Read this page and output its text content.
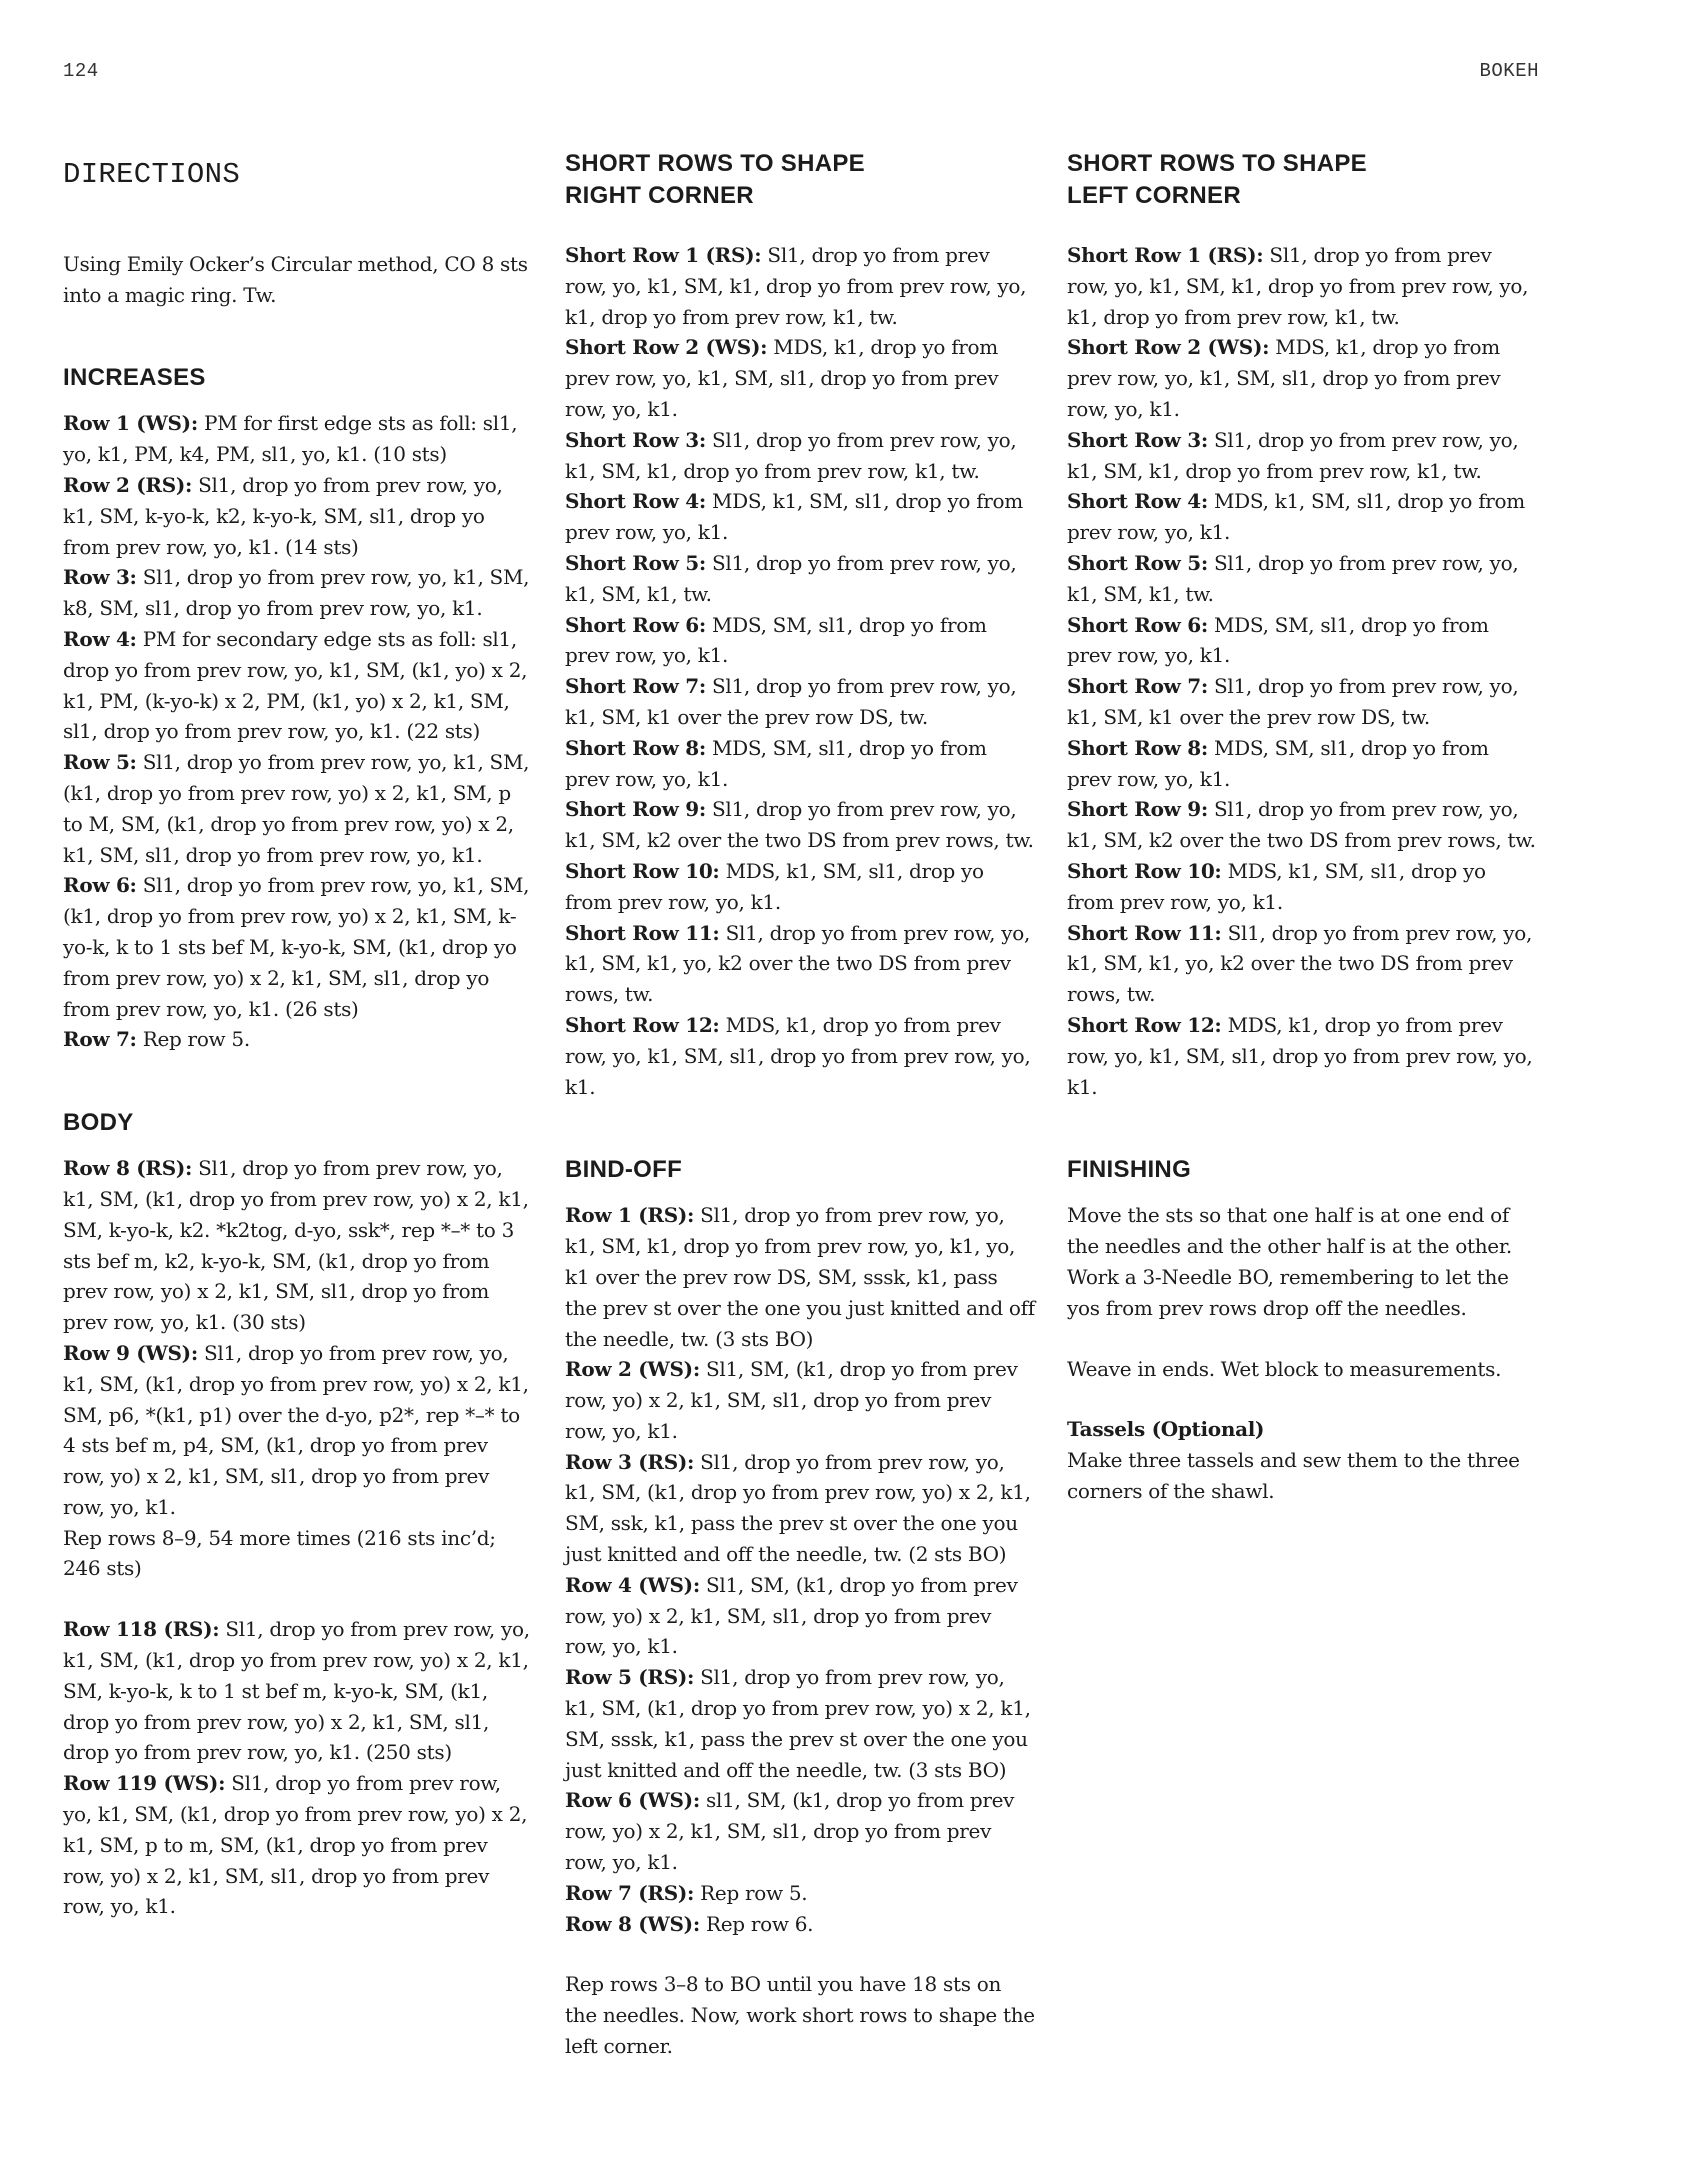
124	BOKEH
DIRECTIONS

Using Emily Ocker’s Circular method, CO 8 sts into a magic ring. Tw.

INCREASES

Row 1 (WS): PM for first edge sts as foll: sl1, yo, k1, PM, k4, PM, sl1, yo, k1. (10 sts)

Row 2 (RS): Sl1, drop yo from prev row, yo, k1, SM, k-yo-k, k2, k-yo-k, SM, sl1, drop yo from prev row, yo, k1. (14 sts)

Row 3: Sl1, drop yo from prev row, yo, k1, SM, k8, SM, sl1, drop yo from prev row, yo, k1.

Row 4: PM for secondary edge sts as foll: sl1, drop yo from prev row, yo, k1, SM, (k1, yo) x 2, k1, PM, (k-yo-k) x 2, PM, (k1, yo) x 2, k1, SM, sl1, drop yo from prev row, yo, k1. (22 sts)

Row 5: Sl1, drop yo from prev row, yo, k1, SM, (k1, drop yo from prev row, yo) x 2, k1, SM, p to M, SM, (k1, drop yo from prev row, yo) x 2, k1, SM, sl1, drop yo from prev row, yo, k1.

Row 6: Sl1, drop yo from prev row, yo, k1, SM, (k1, drop yo from prev row, yo) x 2, k1, SM, k-yo-k, k to 1 sts bef M, k-yo-k, SM, (k1, drop yo from prev row, yo) x 2, k1, SM, sl1, drop yo from prev row, yo, k1. (26 sts)

Row 7: Rep row 5.

BODY

Row 8 (RS): Sl1, drop yo from prev row, yo, k1, SM, (k1, drop yo from prev row, yo) x 2, k1, SM, k-yo-k, k2. *k2tog, d-yo, ssk*, rep *–* to 3 sts bef m, k2, k-yo-k, SM, (k1, drop yo from prev row, yo) x 2, k1, SM, sl1, drop yo from prev row, yo, k1. (30 sts)

Row 9 (WS): Sl1, drop yo from prev row, yo, k1, SM, (k1, drop yo from prev row, yo) x 2, k1, SM, p6, *(k1, p1) over the d-yo, p2*, rep *–* to 4 sts bef m, p4, SM, (k1, drop yo from prev row, yo) x 2, k1, SM, sl1, drop yo from prev row, yo, k1.

Rep rows 8–9, 54 more times (216 sts inc’d; 246 sts)

Row 118 (RS): Sl1, drop yo from prev row, yo, k1, SM, (k1, drop yo from prev row, yo) x 2, k1, SM, k-yo-k, k to 1 st bef m, k-yo-k, SM, (k1, drop yo from prev row, yo) x 2, k1, SM, sl1, drop yo from prev row, yo, k1. (250 sts)

Row 119 (WS): Sl1, drop yo from prev row, yo, k1, SM, (k1, drop yo from prev row, yo) x 2, k1, SM, p to m, SM, (k1, drop yo from prev row, yo) x 2, k1, SM, sl1, drop yo from prev row, yo, k1.

SHORT ROWS TO SHAPE
RIGHT CORNER

Short Row 1 (RS): Sl1, drop yo from prev row, yo, k1, SM, k1, drop yo from prev row, yo, k1, drop yo from prev row, k1, tw.

Short Row 2 (WS): MDS, k1, drop yo from prev row, yo, k1, SM, sl1, drop yo from prev row, yo, k1.

Short Row 3: Sl1, drop yo from prev row, yo, k1, SM, k1, drop yo from prev row, k1, tw.

Short Row 4: MDS, k1, SM, sl1, drop yo from prev row, yo, k1.

Short Row 5: Sl1, drop yo from prev row, yo, k1, SM, k1, tw.

Short Row 6: MDS, SM, sl1, drop yo from prev row, yo, k1.

Short Row 7: Sl1, drop yo from prev row, yo, k1, SM, k1 over the prev row DS, tw.

Short Row 8: MDS, SM, sl1, drop yo from prev row, yo, k1.

Short Row 9: Sl1, drop yo from prev row, yo, k1, SM, k2 over the two DS from prev rows, tw.

Short Row 10: MDS, k1, SM, sl1, drop yo from prev row, yo, k1.

Short Row 11: Sl1, drop yo from prev row, yo, k1, SM, k1, yo, k2 over the two DS from prev rows, tw.

Short Row 12: MDS, k1, drop yo from prev row, yo, k1, SM, sl1, drop yo from prev row, yo, k1.

BIND-OFF

Row 1 (RS): Sl1, drop yo from prev row, yo, k1, SM, k1, drop yo from prev row, yo, k1, yo, k1 over the prev row DS, SM, sssk, k1, pass the prev st over the one you just knitted and off the needle, tw. (3 sts BO)

Row 2 (WS): Sl1, SM, (k1, drop yo from prev row, yo) x 2, k1, SM, sl1, drop yo from prev row, yo, k1.

Row 3 (RS): Sl1, drop yo from prev row, yo, k1, SM, (k1, drop yo from prev row, yo) x 2, k1, SM, ssk, k1, pass the prev st over the one you just knitted and off the needle, tw. (2 sts BO)

Row 4 (WS): Sl1, SM, (k1, drop yo from prev row, yo) x 2, k1, SM, sl1, drop yo from prev row, yo, k1.

Row 5 (RS): Sl1, drop yo from prev row, yo, k1, SM, (k1, drop yo from prev row, yo) x 2, k1, SM, sssk, k1, pass the prev st over the one you just knitted and off the needle, tw. (3 sts BO)

Row 6 (WS): sl1, SM, (k1, drop yo from prev row, yo) x 2, k1, SM, sl1, drop yo from prev row, yo, k1.

Row 7 (RS): Rep row 5.

Row 8 (WS): Rep row 6.

Rep rows 3–8 to BO until you have 18 sts on the needles. Now, work short rows to shape the left corner.

SHORT ROWS TO SHAPE
LEFT CORNER

Short Row 1 (RS): Sl1, drop yo from prev row, yo, k1, SM, k1, drop yo from prev row, yo, k1, drop yo from prev row, k1, tw.

Short Row 2 (WS): MDS, k1, drop yo from prev row, yo, k1, SM, sl1, drop yo from prev row, yo, k1.

Short Row 3: Sl1, drop yo from prev row, yo, k1, SM, k1, drop yo from prev row, k1, tw.

Short Row 4: MDS, k1, SM, sl1, drop yo from prev row, yo, k1.

Short Row 5: Sl1, drop yo from prev row, yo, k1, SM, k1, tw.

Short Row 6: MDS, SM, sl1, drop yo from prev row, yo, k1.

Short Row 7: Sl1, drop yo from prev row, yo, k1, SM, k1 over the prev row DS, tw.

Short Row 8: MDS, SM, sl1, drop yo from prev row, yo, k1.

Short Row 9: Sl1, drop yo from prev row, yo, k1, SM, k2 over the two DS from prev rows, tw.

Short Row 10: MDS, k1, SM, sl1, drop yo from prev row, yo, k1.

Short Row 11: Sl1, drop yo from prev row, yo, k1, SM, k1, yo, k2 over the two DS from prev rows, tw.

Short Row 12: MDS, k1, drop yo from prev row, yo, k1, SM, sl1, drop yo from prev row, yo, k1.

FINISHING

Move the sts so that one half is at one end of the needles and the other half is at the other. Work a 3-Needle BO, remembering to let the yos from prev rows drop off the needles.

Weave in ends. Wet block to measurements.

Tassels (Optional)

Make three tassels and sew them to the three corners of the shawl.
